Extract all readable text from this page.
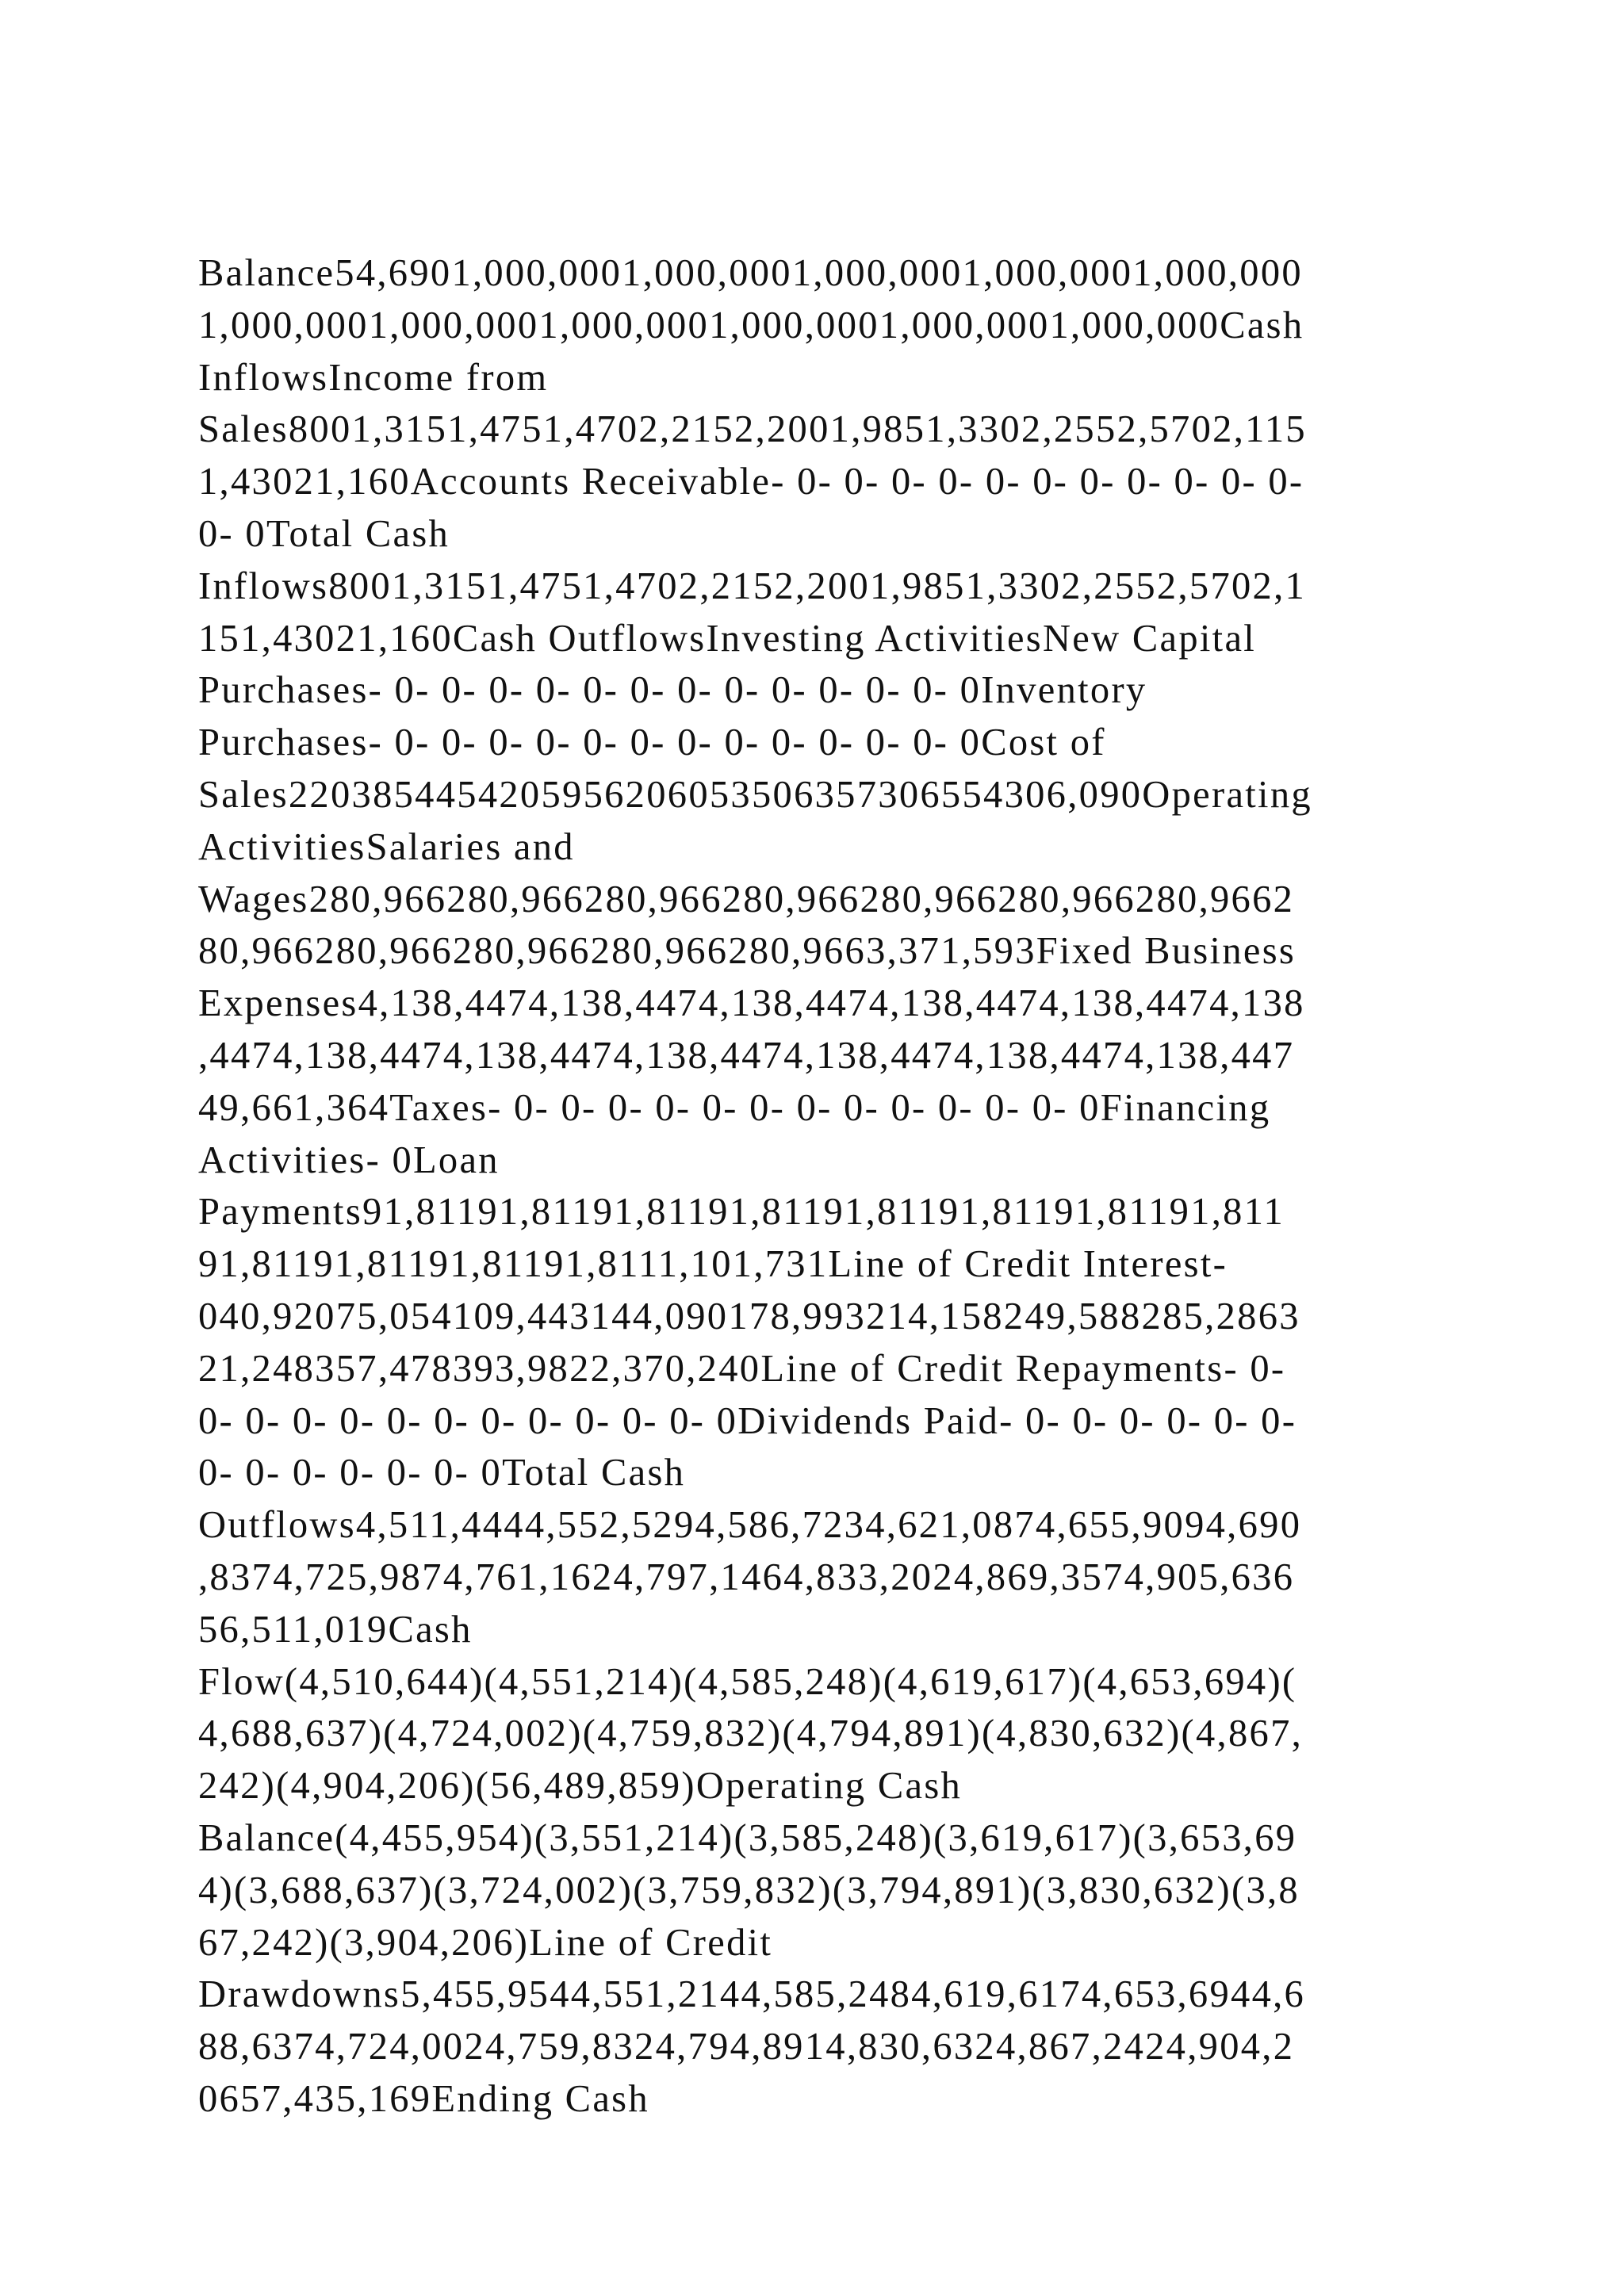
Balance54,6901,000,0001,000,0001,000,0001,000,0001,000,000
1,000,0001,000,0001,000,0001,000,0001,000,0001,000,000Cash
InflowsIncome from
Sales8001,3151,4751,4702,2152,2001,9851,3302,2552,5702,115
1,43021,160Accounts Receivable- 0- 0- 0- 0- 0- 0- 0- 0- 0- 0- 0-
0- 0Total Cash
Inflows8001,3151,4751,4702,2152,2001,9851,3302,2552,5702,1
151,43021,160Cash OutflowsInvesting ActivitiesNew Capital
Purchases- 0- 0- 0- 0- 0- 0- 0- 0- 0- 0- 0- 0- 0Inventory
Purchases- 0- 0- 0- 0- 0- 0- 0- 0- 0- 0- 0- 0- 0Cost of
Sales2203854454205956206053506357306554306,090Operating
ActivitiesSalaries and
Wages280,966280,966280,966280,966280,966280,966280,9662
80,966280,966280,966280,966280,9663,371,593Fixed Business
Expenses4,138,4474,138,4474,138,4474,138,4474,138,4474,138
,4474,138,4474,138,4474,138,4474,138,4474,138,4474,138,447
49,661,364Taxes- 0- 0- 0- 0- 0- 0- 0- 0- 0- 0- 0- 0- 0Financing
Activities- 0Loan
Payments91,81191,81191,81191,81191,81191,81191,81191,811
91,81191,81191,81191,8111,101,731Line of Credit Interest-
040,92075,054109,443144,090178,993214,158249,588285,2863
21,248357,478393,9822,370,240Line of Credit Repayments- 0-
0- 0- 0- 0- 0- 0- 0- 0- 0- 0- 0- 0Dividends Paid- 0- 0- 0- 0- 0- 0-
0- 0- 0- 0- 0- 0- 0Total Cash
Outflows4,511,4444,552,5294,586,7234,621,0874,655,9094,690
,8374,725,9874,761,1624,797,1464,833,2024,869,3574,905,636
56,511,019Cash
Flow(4,510,644)(4,551,214)(4,585,248)(4,619,617)(4,653,694)(
4,688,637)(4,724,002)(4,759,832)(4,794,891)(4,830,632)(4,867,
242)(4,904,206)(56,489,859)Operating Cash
Balance(4,455,954)(3,551,214)(3,585,248)(3,619,617)(3,653,69
4)(3,688,637)(3,724,002)(3,759,832)(3,794,891)(3,830,632)(3,8
67,242)(3,904,206)Line of Credit
Drawdowns5,455,9544,551,2144,585,2484,619,6174,653,6944,6
88,6374,724,0024,759,8324,794,8914,830,6324,867,2424,904,2
0657,435,169Ending Cash
